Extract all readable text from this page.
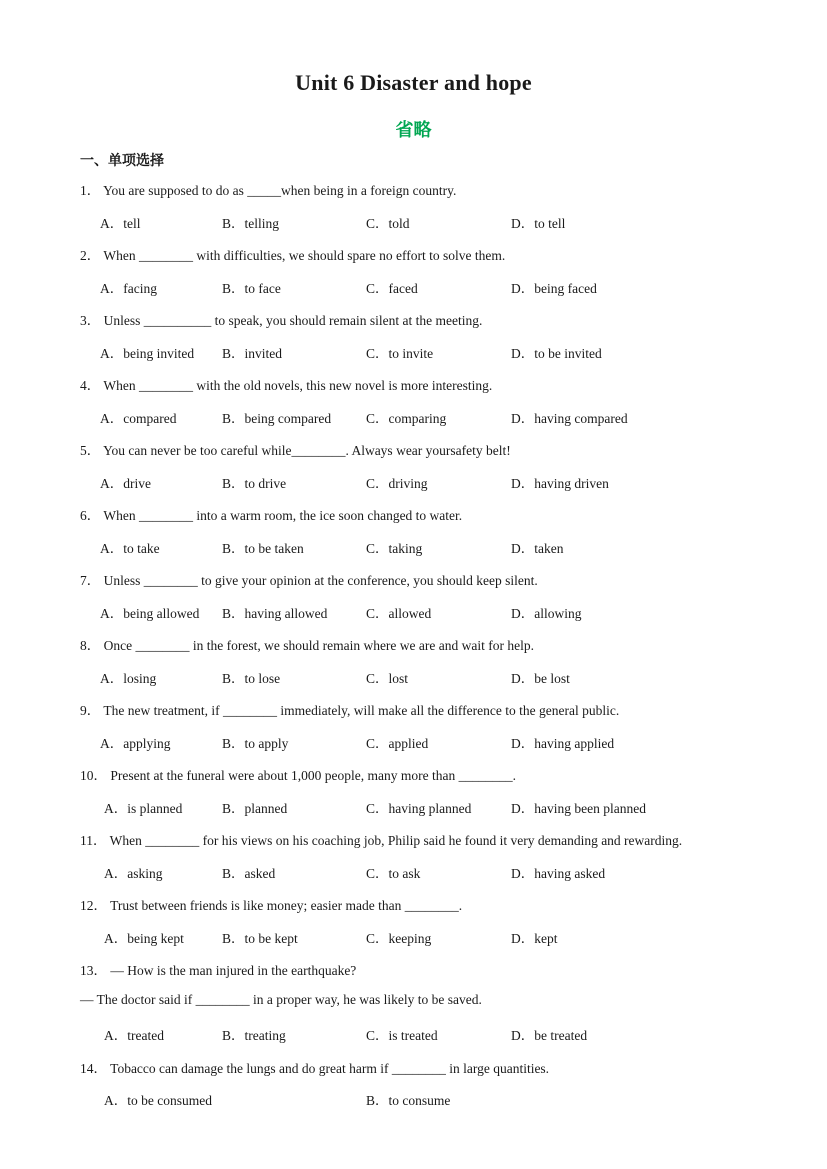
Unit 6 Disaster and hope
省略
一、单项选择
1． You are supposed to do as _____when being in a foreign country.
A．tell	B．telling	C．told	D．to tell
2． When ________ with difficulties, we should spare no effort to solve them.
A．facing	B．to face	C．faced	D．being faced
3． Unless __________ to speak, you should remain silent at the meeting.
A．being invited B．invited	C．to invite	D．to be invited
4． When ________ with the old novels, this new novel is more interesting.
A．compared	B．being compared	C．comparing	D．having compared
5． You can never be too careful while________. Always wear yoursafety belt!
A．drive	B．to drive	C．driving	D．having driven
6． When ________ into a warm room, the ice soon changed to water.
A．to take	B．to be taken	C．taking	D．taken
7． Unless ________ to give your opinion at the conference, you should keep silent.
A．being allowed B．having allowed	C．allowed	D．allowing
8． Once ________ in the forest, we should remain where we are and wait for help.
A．losing	B．to lose	C．lost	D．be lost
9． The new treatment, if ________ immediately, will make all the difference to the general public.
A．applying	B．to apply	C．applied	D．having applied
10． Present at the funeral were about 1,000 people, many more than ________.
A．is planned	B．planned	C．having planned	D．having been planned
11． When ________ for his views on his coaching job, Philip said he found it very demanding and rewarding.
A．asking	B．asked	C．to ask	D．having asked
12． Trust between friends is like money; easier made than ________.
A．being kept	B．to be kept	C．keeping	D．kept
13． — How is the man injured in the earthquake?
— The doctor said if ________ in a proper way, he was likely to be saved.
A．treated	B．treating	C．is treated	D．be treated
14． Tobacco can damage the lungs and do great harm if ________ in large quantities.
A．to be consumed	B．to consume
